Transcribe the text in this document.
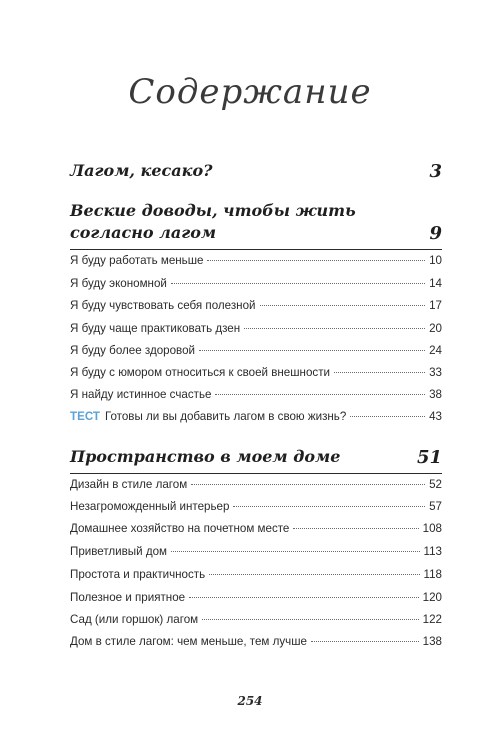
Содержание
Лагом, кесако?	3
Веские доводы, чтобы жить
согласно лагом	9
Я буду работать меньше	10
Я буду экономной	14
Я буду чувствовать себя полезной	17
Я буду чаще практиковать дзен	20
Я буду более здоровой	24
Я буду с юмором относиться к своей внешности	33
Я найду истинное счастье	38
ТЕСТ Готовы ли вы добавить лагом в свою жизнь?	43
Пространство в моем доме	51
Дизайн в стиле лагом	52
Незагроможденный интерьер	57
Домашнее хозяйство на почетном месте	108
Приветливый дом	113
Простота и практичность	118
Полезное и приятное	120
Сад (или горшок) лагом	122
Дом в стиле лагом: чем меньше, тем лучше	138
254
